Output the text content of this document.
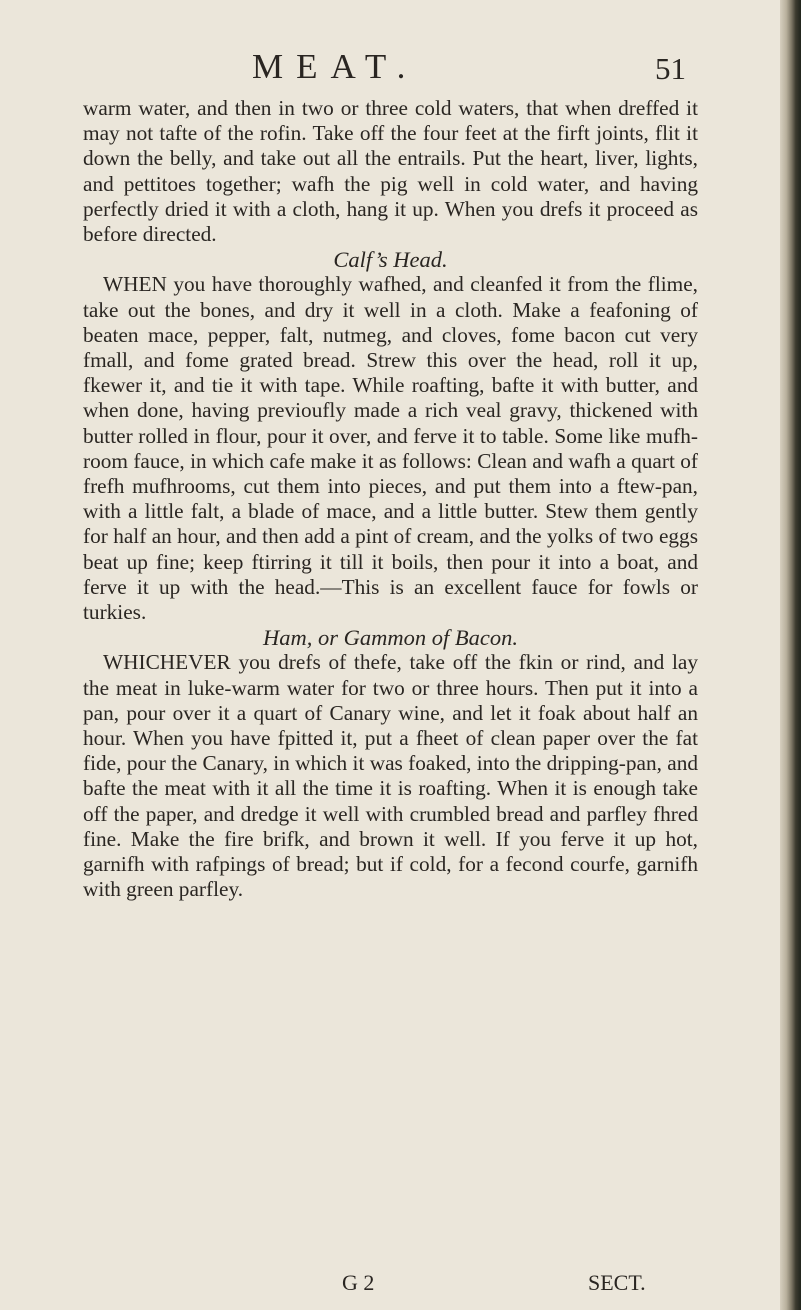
MEAT.	51

warm water, and then in two or three cold waters, that when dreffed it may not tafte of the rofin. Take off the four feet at the firft joints, flit it down the belly, and take out all the entrails. Put the heart, liver, lights, and pettitoes together; wafh the pig well in cold water, and having perfectly dried it with a cloth, hang it up. When you drefs it proceed as before directed.

Calf’s Head.

WHEN you have thoroughly wafhed, and cleanfed it from the flime, take out the bones, and dry it well in a cloth. Make a feafoning of beaten mace, pepper, falt, nutmeg, and cloves, fome bacon cut very fmall, and fome grated bread. Strew this over the head, roll it up, fkewer it, and tie it with tape. While roafting, bafte it with butter, and when done, having previoufly made a rich veal gravy, thickened with butter rolled in flour, pour it over, and ferve it to table. Some like mufh-room fauce, in which cafe make it as follows: Clean and wafh a quart of frefh mufhrooms, cut them into pieces, and put them into a ftew-pan, with a little falt, a blade of mace, and a little butter. Stew them gently for half an hour, and then add a pint of cream, and the yolks of two eggs beat up fine; keep ftirring it till it boils, then pour it into a boat, and ferve it up with the head.—This is an excellent fauce for fowls or turkies.

Ham, or Gammon of Bacon.

WHICHEVER you drefs of thefe, take off the fkin or rind, and lay the meat in luke-warm water for two or three hours. Then put it into a pan, pour over it a quart of Canary wine, and let it foak about half an hour. When you have fpitted it, put a fheet of clean paper over the fat fide, pour the Canary, in which it was foaked, into the dripping-pan, and bafte the meat with it all the time it is roafting. When it is enough take off the paper, and dredge it well with crumbled bread and parfley fhred fine. Make the fire brifk, and brown it well. If you ferve it up hot, garnifh with rafpings of bread; but if cold, for a fecond courfe, garnifh with green parfley.

G 2	SECT.
